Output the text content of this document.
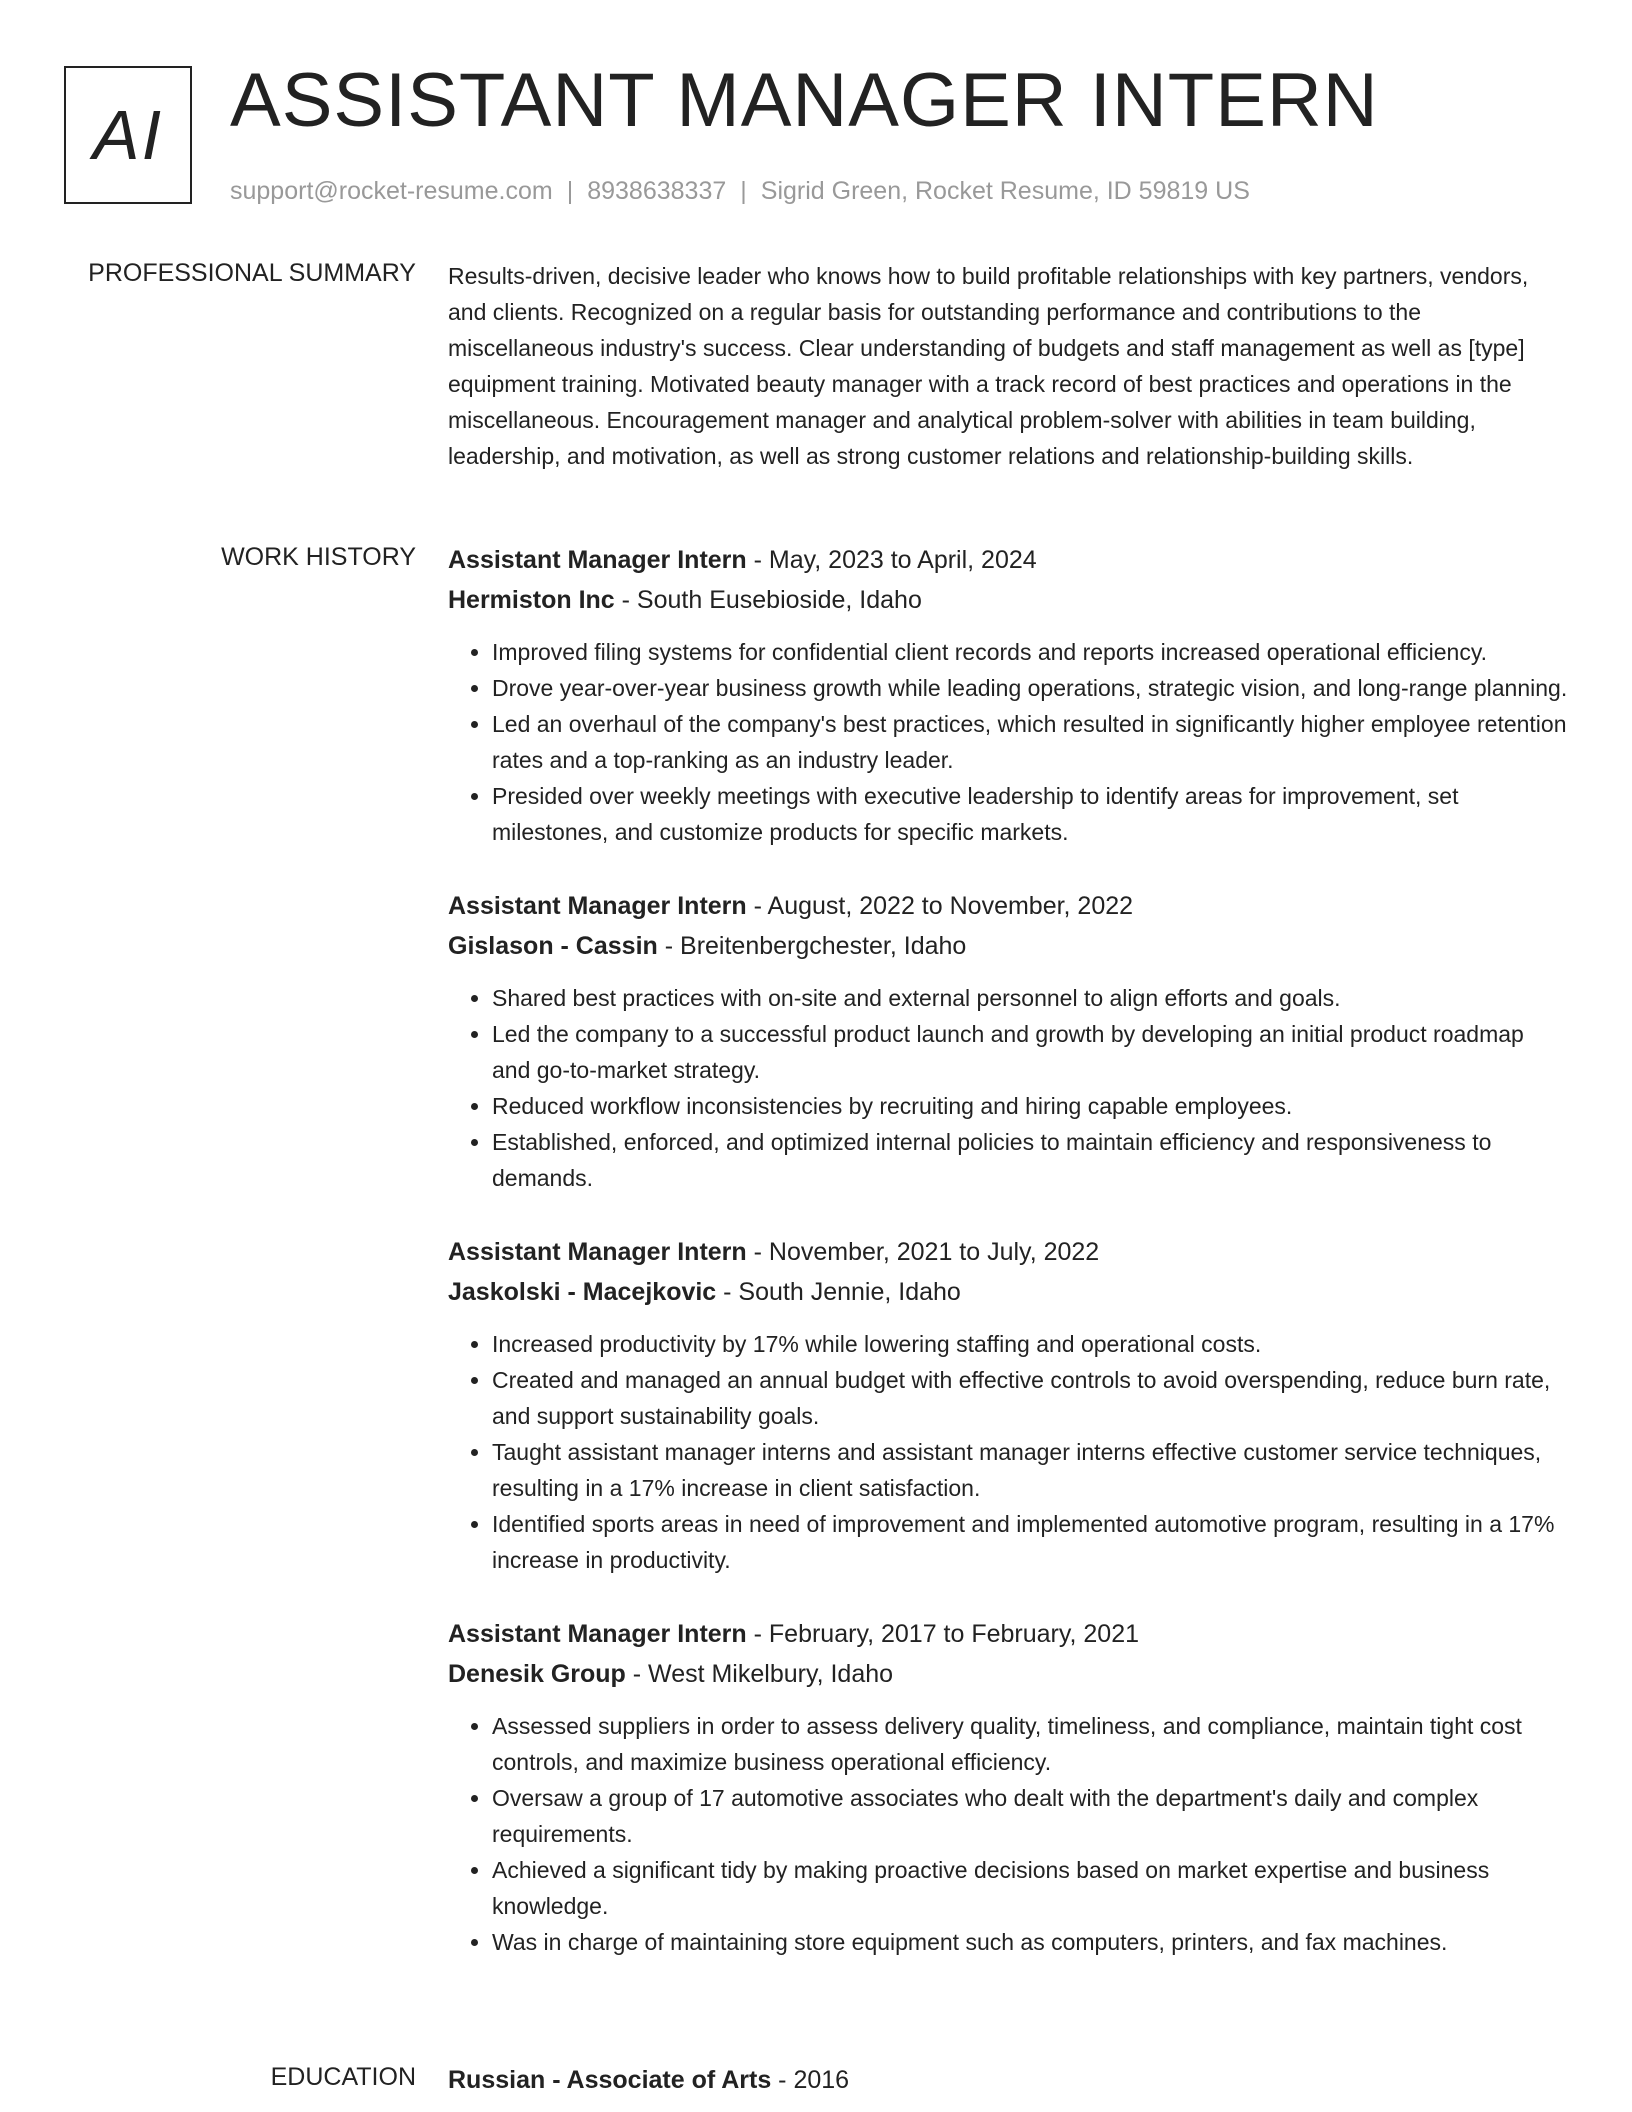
AI ASSISTANT MANAGER INTERN
support@rocket-resume.com | 8938638337 | Sigrid Green, Rocket Resume, ID 59819 US
PROFESSIONAL SUMMARY Results-driven, decisive leader who knows how to build profitable relationships with key partners, vendors, and clients. Recognized on a regular basis for outstanding performance and contributions to the miscellaneous industry's success. Clear understanding of budgets and staff management as well as [type] equipment training. Motivated beauty manager with a track record of best practices and operations in the miscellaneous. Encouragement manager and analytical problem-solver with abilities in team building, leadership, and motivation, as well as strong customer relations and relationship-building skills.

WORK HISTORY Assistant Manager Intern - May, 2023 to April, 2024
Hermiston Inc - South Eusebioside, Idaho
• Improved filing systems for confidential client records and reports increased operational efficiency.
• Drove year-over-year business growth while leading operations, strategic vision, and long-range planning.
• Led an overhaul of the company's best practices, which resulted in significantly higher employee retention rates and a top-ranking as an industry leader.
• Presided over weekly meetings with executive leadership to identify areas for improvement, set milestones, and customize products for specific markets.
Assistant Manager Intern - August, 2022 to November, 2022
Gislason - Cassin - Breitenbergchester, Idaho
• Shared best practices with on-site and external personnel to align efforts and goals.
• Led the company to a successful product launch and growth by developing an initial product roadmap and go-to-market strategy.
• Reduced workflow inconsistencies by recruiting and hiring capable employees.
• Established, enforced, and optimized internal policies to maintain efficiency and responsiveness to demands.
Assistant Manager Intern - November, 2021 to July, 2022
Jaskolski - Macejkovic - South Jennie, Idaho
• Increased productivity by 17% while lowering staffing and operational costs.
• Created and managed an annual budget with effective controls to avoid overspending, reduce burn rate, and support sustainability goals.
• Taught assistant manager interns and assistant manager interns effective customer service techniques, resulting in a 17% increase in client satisfaction.
• Identified sports areas in need of improvement and implemented automotive program, resulting in a 17% increase in productivity.
Assistant Manager Intern - February, 2017 to February, 2021
Denesik Group - West Mikelbury, Idaho
• Assessed suppliers in order to assess delivery quality, timeliness, and compliance, maintain tight cost controls, and maximize business operational efficiency.
• Oversaw a group of 17 automotive associates who dealt with the department's daily and complex requirements.
• Achieved a significant tidy by making proactive decisions based on market expertise and business knowledge.
• Was in charge of maintaining store equipment such as computers, printers, and fax machines.
EDUCATION Russian - Associate of Arts - 2016
